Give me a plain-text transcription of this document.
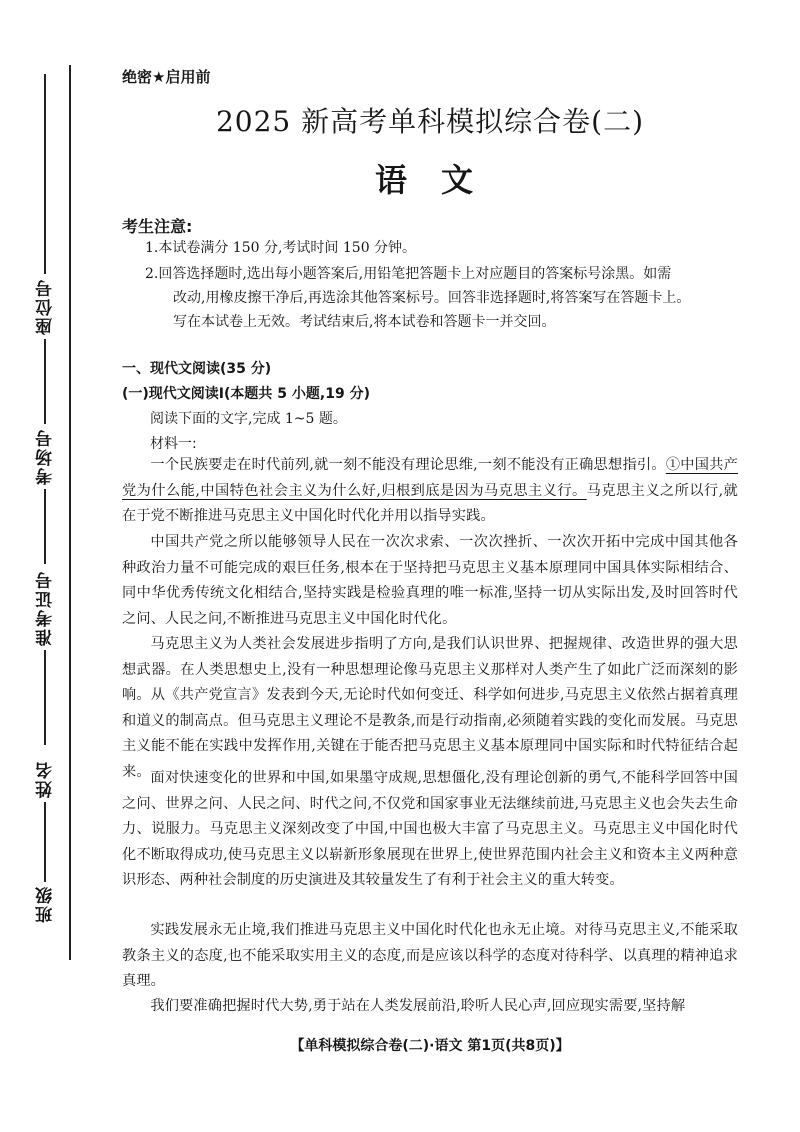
座位号
考场号
准考证号
姓名
班级
绝密★启用前
2025 新高考单科模拟综合卷(二)
语文
考生注意:
1.本试卷满分 150 分,考试时间 150 分钟。
2.回答选择题时,选出每小题答案后,用铅笔把答题卡上对应题目的答案标号涂黑。如需
改动,用橡皮擦干净后,再选涂其他答案标号。回答非选择题时,将答案写在答题卡上。
写在本试卷上无效。考试结束后,将本试卷和答题卡一并交回。
一、现代文阅读(35 分)
(一)现代文阅读Ⅰ(本题共 5 小题,19 分)
阅读下面的文字,完成 1~5 题。
材料一:
一个民族要走在时代前列,就一刻不能没有理论思维,一刻不能没有正确思想指引。①中国共产党为什么能,中国特色社会主义为什么好,归根到底是因为马克思主义行。马克思主义之所以行,就在于党不断推进马克思主义中国化时代化并用以指导实践。
中国共产党之所以能够领导人民在一次次求索、一次次挫折、一次次开拓中完成中国其他各种政治力量不可能完成的艰巨任务,根本在于坚持把马克思主义基本原理同中国具体实际相结合、同中华优秀传统文化相结合,坚持实践是检验真理的唯一标准,坚持一切从实际出发,及时回答时代之问、人民之问,不断推进马克思主义中国化时代化。
马克思主义为人类社会发展进步指明了方向,是我们认识世界、把握规律、改造世界的强大思想武器。在人类思想史上,没有一种思想理论像马克思主义那样对人类产生了如此广泛而深刻的影响。从《共产党宣言》发表到今天,无论时代如何变迁、科学如何进步,马克思主义依然占据着真理和道义的制高点。但马克思主义理论不是教条,而是行动指南,必须随着实践的变化而发展。马克思主义能不能在实践中发挥作用,关键在于能否把马克思主义基本原理同中国实际和时代特征结合起来。 面对快速变化的世界和中国,如果墨守成规,思想僵化,没有理论创新的勇气,不能科学回答中国之问、世界之问、人民之问、时代之问,不仅党和国家事业无法继续前进,马克思主义也会失去生命力、说服力。马克思主义深刻改变了中国,中国也极大丰富了马克思主义。马克思主义中国化时代化不断取得成功,使马克思主义以崭新形象展现在世界上,使世界范围内社会主义和资本主义两种意识形态、两种社会制度的历史演进及其较量发生了有利于社会主义的重大转变。
实践发展永无止境,我们推进马克思主义中国化时代化也永无止境。对待马克思主义,不能采取教条主义的态度,也不能采取实用主义的态度,而是应该以科学的态度对待科学、以真理的精神追求真理。
我们要准确把握时代大势,勇于站在人类发展前沿,聆听人民心声,回应现实需要,坚持解
【单科模拟综合卷(二)·语文 第1页(共8页)】
